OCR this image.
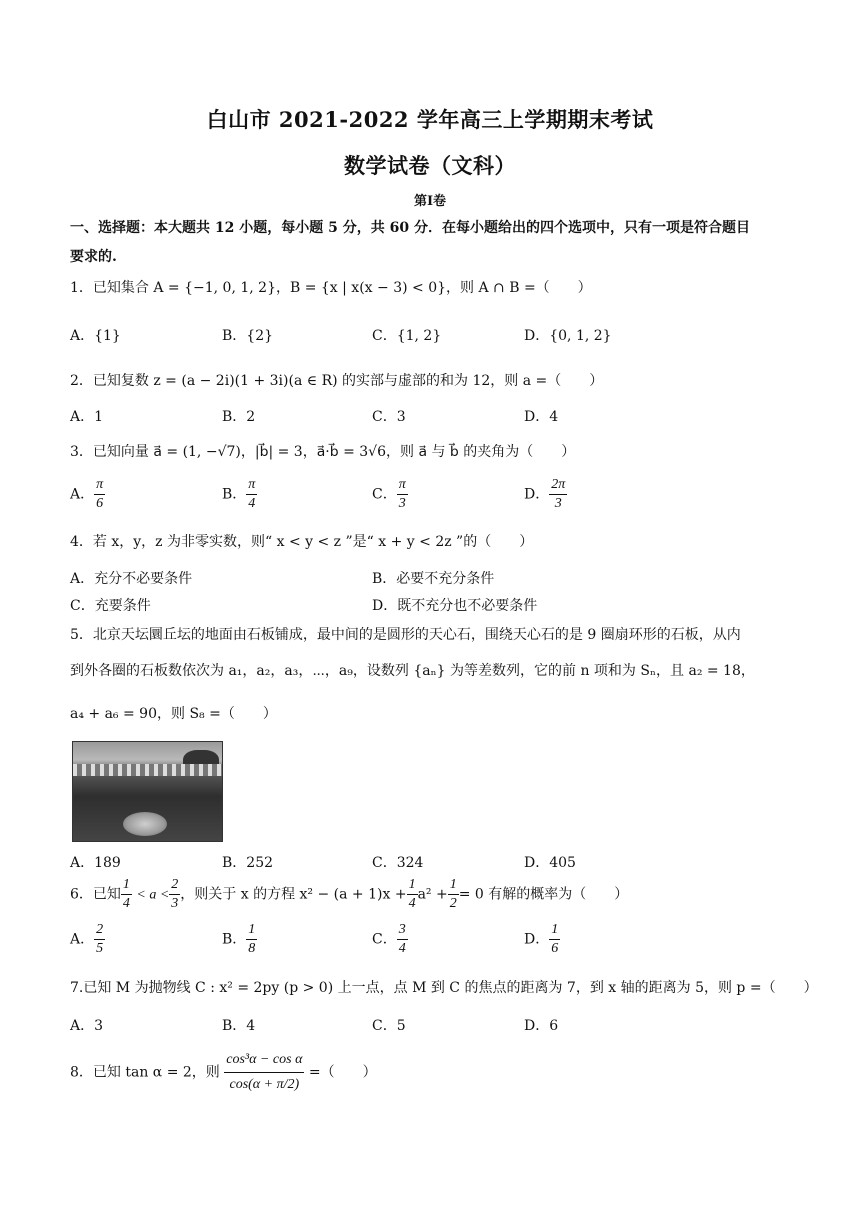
白山市 2021-2022 学年高三上学期期末考试
数学试卷（文科）
第Ⅰ卷
一、选择题：本大题共 12 小题，每小题 5 分，共 60 分．在每小题给出的四个选项中，只有一项是符合题目
要求的.
1．已知集合 A = {−1, 0, 1, 2}，B = {x | x(x − 3) < 0}，则 A ∩ B =（　　）
A．{1}	B．{2}	C．{1, 2}	D．{0, 1, 2}
2．已知复数 z = (a − 2i)(1 + 3i)(a ∈ R) 的实部与虚部的和为 12，则 a =（　　）
A．1	B．2	C．3	D．4
3．已知向量 a⃗ = (1, −√7)，|b⃗| = 3，a⃗·b⃗ = 3√6，则 a⃗ 与 b⃗ 的夹角为（　　）
A． $\frac{\pi}{6}$	B． $\frac{\pi}{4}$	C． $\frac{\pi}{3}$	D． $\frac{2\pi}{3}$
4．若 x，y，z 为非零实数，则“ x < y < z ”是“ x + y < 2z ”的（　　）
A．充分不必要条件	B．必要不充分条件
C．充要条件	D．既不充分也不必要条件
5．北京天坛圜丘坛的地面由石板铺成，最中间的是圆形的天心石，围绕天心石的是 9 圈扇环形的石板，从内
到外各圈的石板数依次为 a₁，a₂，a₃，⋯，a₉，设数列 {aₙ} 为等差数列，它的前 n 项和为 Sₙ，且 a₂ = 18，
a₄ + a₆ = 90，则 S₈ =（　　）
A．189	B．252	C．324	D．405
6．已知 $\frac{1}{4} < a < \frac{2}{3}$ ，则关于 x 的方程 $x^2 - (a + 1)x + \frac{1}{4} a^2 + \frac{1}{2} = 0$ 有解的概率为（　　）
A． $\frac{2}{5}$	B． $\frac{1}{8}$	C． $\frac{3}{4}$	D． $\frac{1}{6}$
7.已知 M 为抛物线 C : x² = 2py (p > 0) 上一点，点 M 到 C 的焦点的距离为 7，到 x 轴的距离为 5，则 p =（　　）
A．3	B．4	C．5	D．6
8．已知 tan α = 2，则 $\frac{\text{cos³α − cos α}}{\cos(\alpha + \pi/2)}$ =（　　）
